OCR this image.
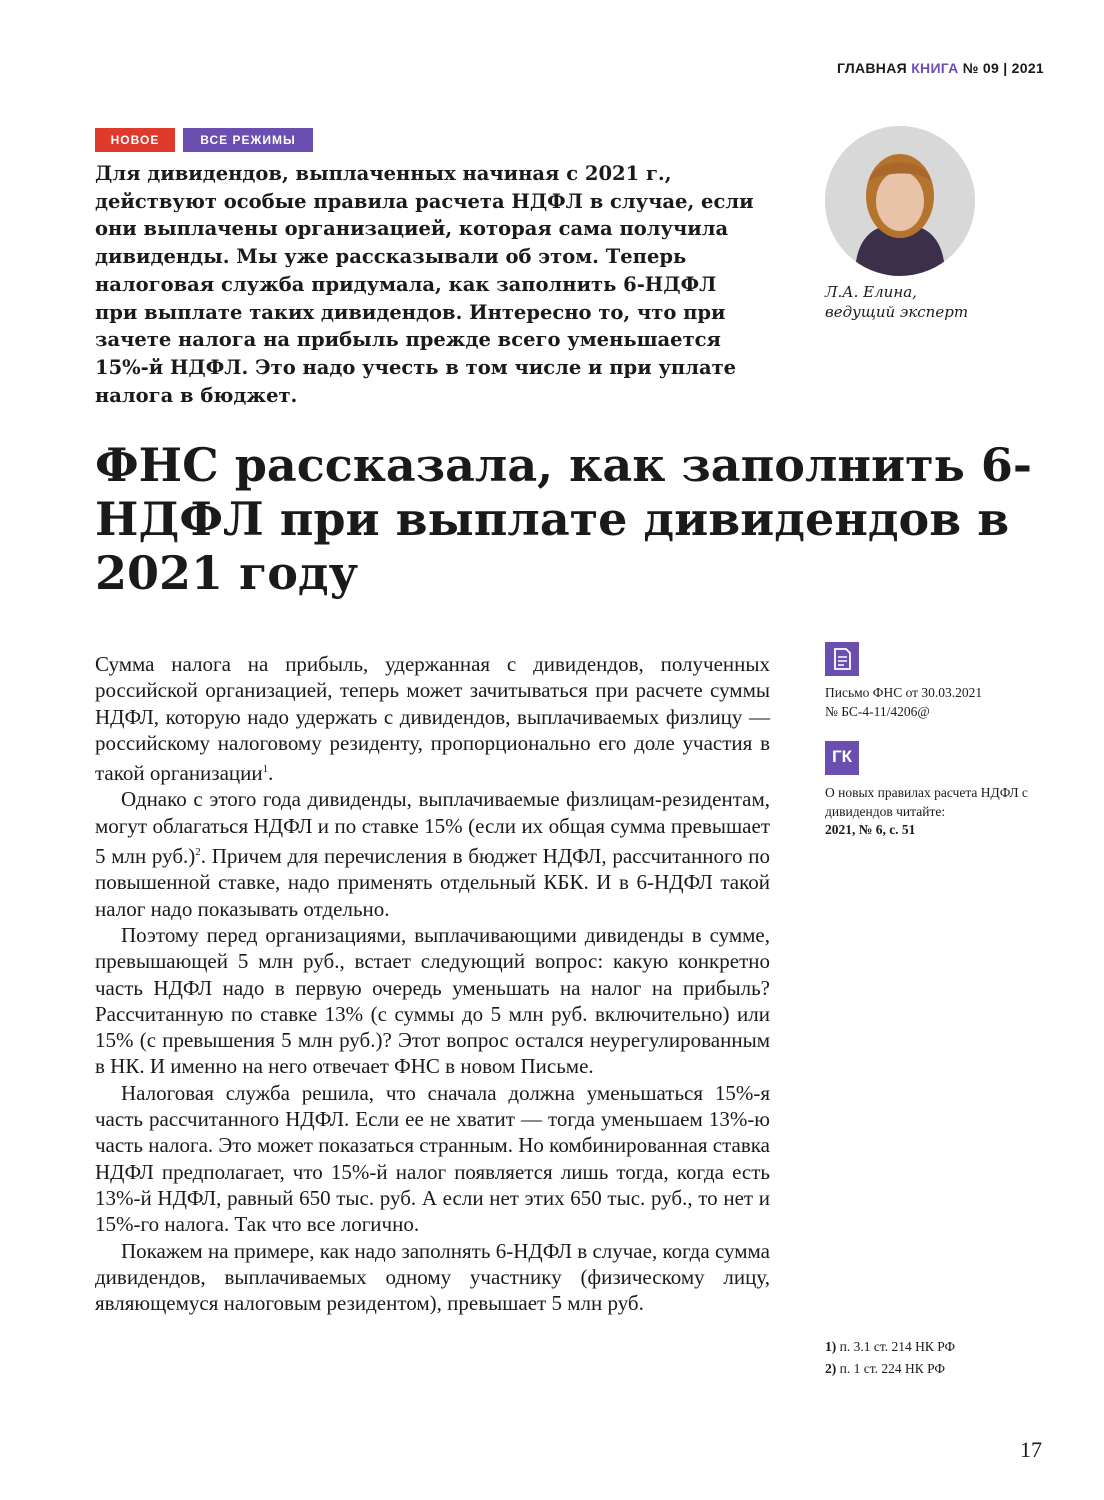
ГЛАВНАЯ КНИГА № 09 | 2021
НОВОЕ	ВСЕ РЕЖИМЫ

Для дивидендов, выплаченных начиная с 2021 г., действуют особые правила расчета НДФЛ в случае, если они выплачены организацией, которая сама получила дивиденды. Мы уже рассказывали об этом. Теперь налоговая служба придумала, как заполнить 6-НДФЛ при выплате таких дивидендов. Интересно то, что при зачете налога на прибыль прежде всего уменьшается 15%-й НДФЛ. Это надо учесть в том числе и при уплате налога в бюджет.

Л.А. Елина,
ведущий эксперт
ФНС рассказала, как заполнить 6-НДФЛ при выплате дивидендов в 2021 году

Сумма налога на прибыль, удержанная с дивидендов, полученных российской организацией, теперь может зачитываться при расчете суммы НДФЛ, которую надо удержать с дивидендов, выплачиваемых физлицу — российскому налоговому резиденту, пропорционально его доле участия в такой организации$^1$.

Однако с этого года дивиденды, выплачиваемые физлицам-резидентам, могут облагаться НДФЛ и по ставке 15% (если их общая сумма превышает 5 млн руб.)$^2$. Причем для перечисления в бюджет НДФЛ, рассчитанного по повышенной ставке, надо применять отдельный КБК. И в 6-НДФЛ такой налог надо показывать отдельно.

Поэтому перед организациями, выплачивающими дивиденды в сумме, превышающей 5 млн руб., встает следующий вопрос: какую конкретно часть НДФЛ надо в первую очередь уменьшать на налог на прибыль? Рассчитанную по ставке 13% (с суммы до 5 млн руб. включительно) или 15% (с превышения 5 млн руб.)? Этот вопрос остался неурегулированным в НК. И именно на него отвечает ФНС в новом Письме.

Налоговая служба решила, что сначала должна уменьшаться 15%-я часть рассчитанного НДФЛ. Если ее не хватит — тогда уменьшаем 13%-ю часть налога. Это может показаться странным. Но комбинированная ставка НДФЛ предполагает, что 15%-й налог появляется лишь тогда, когда есть 13%-й НДФЛ, равный 650 тыс. руб. А если нет этих 650 тыс. руб., то нет и 15%-го налога. Так что все логично.

Покажем на примере, как надо заполнять 6-НДФЛ в случае, когда сумма дивидендов, выплачиваемых одному участнику (физическому лицу, являющемуся налоговым резидентом), превышает 5 млн руб.

Письмо ФНС от 30.03.2021
№ БС-4-11/4206@
ГК
О новых правилах расчета НДФЛ с дивидендов читайте:
2021, № 6, с. 51
1) п. 3.1 ст. 214 НК РФ
2) п. 1 ст. 224 НК РФ
17
